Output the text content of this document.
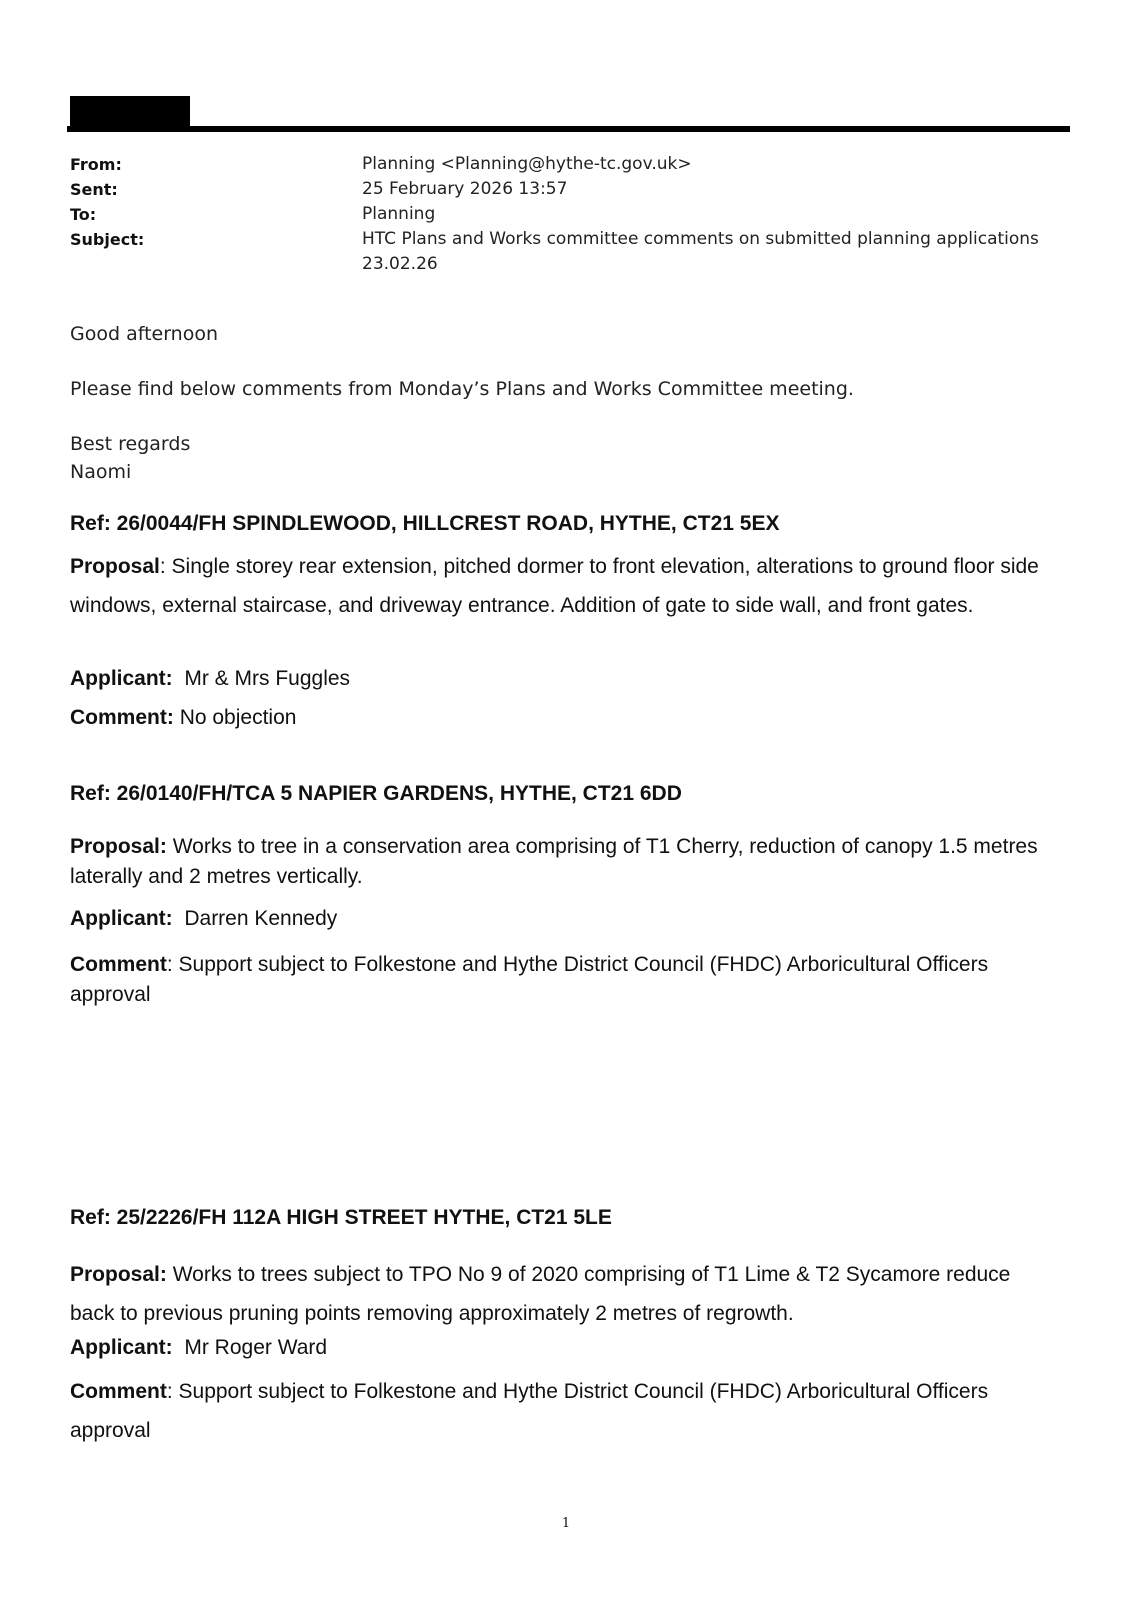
From:	Planning <Planning@hythe-tc.gov.uk>
Sent:	25 February 2026 13:57
To:	Planning
Subject:	HTC Plans and Works committee comments on submitted planning applications 23.02.26
Good afternoon
Please find below comments from Monday’s Plans and Works Committee meeting.
Best regards
Naomi
Ref: 26/0044/FH SPINDLEWOOD, HILLCREST ROAD, HYTHE, CT21 5EX
Proposal: Single storey rear extension, pitched dormer to front elevation, alterations to ground floor side windows, external staircase, and driveway entrance. Addition of gate to side wall, and front gates.
Applicant: Mr & Mrs Fuggles
Comment: No objection
Ref: 26/0140/FH/TCA 5 NAPIER GARDENS, HYTHE, CT21 6DD
Proposal: Works to tree in a conservation area comprising of T1 Cherry, reduction of canopy 1.5 metres laterally and 2 metres vertically.
Applicant: Darren Kennedy
Comment: Support subject to Folkestone and Hythe District Council (FHDC) Arboricultural Officers approval
Ref: 25/2226/FH 112A HIGH STREET HYTHE, CT21 5LE
Proposal: Works to trees subject to TPO No 9 of 2020 comprising of T1 Lime & T2 Sycamore reduce back to previous pruning points removing approximately 2 metres of regrowth.
Applicant: Mr Roger Ward
Comment: Support subject to Folkestone and Hythe District Council (FHDC) Arboricultural Officers approval
1
